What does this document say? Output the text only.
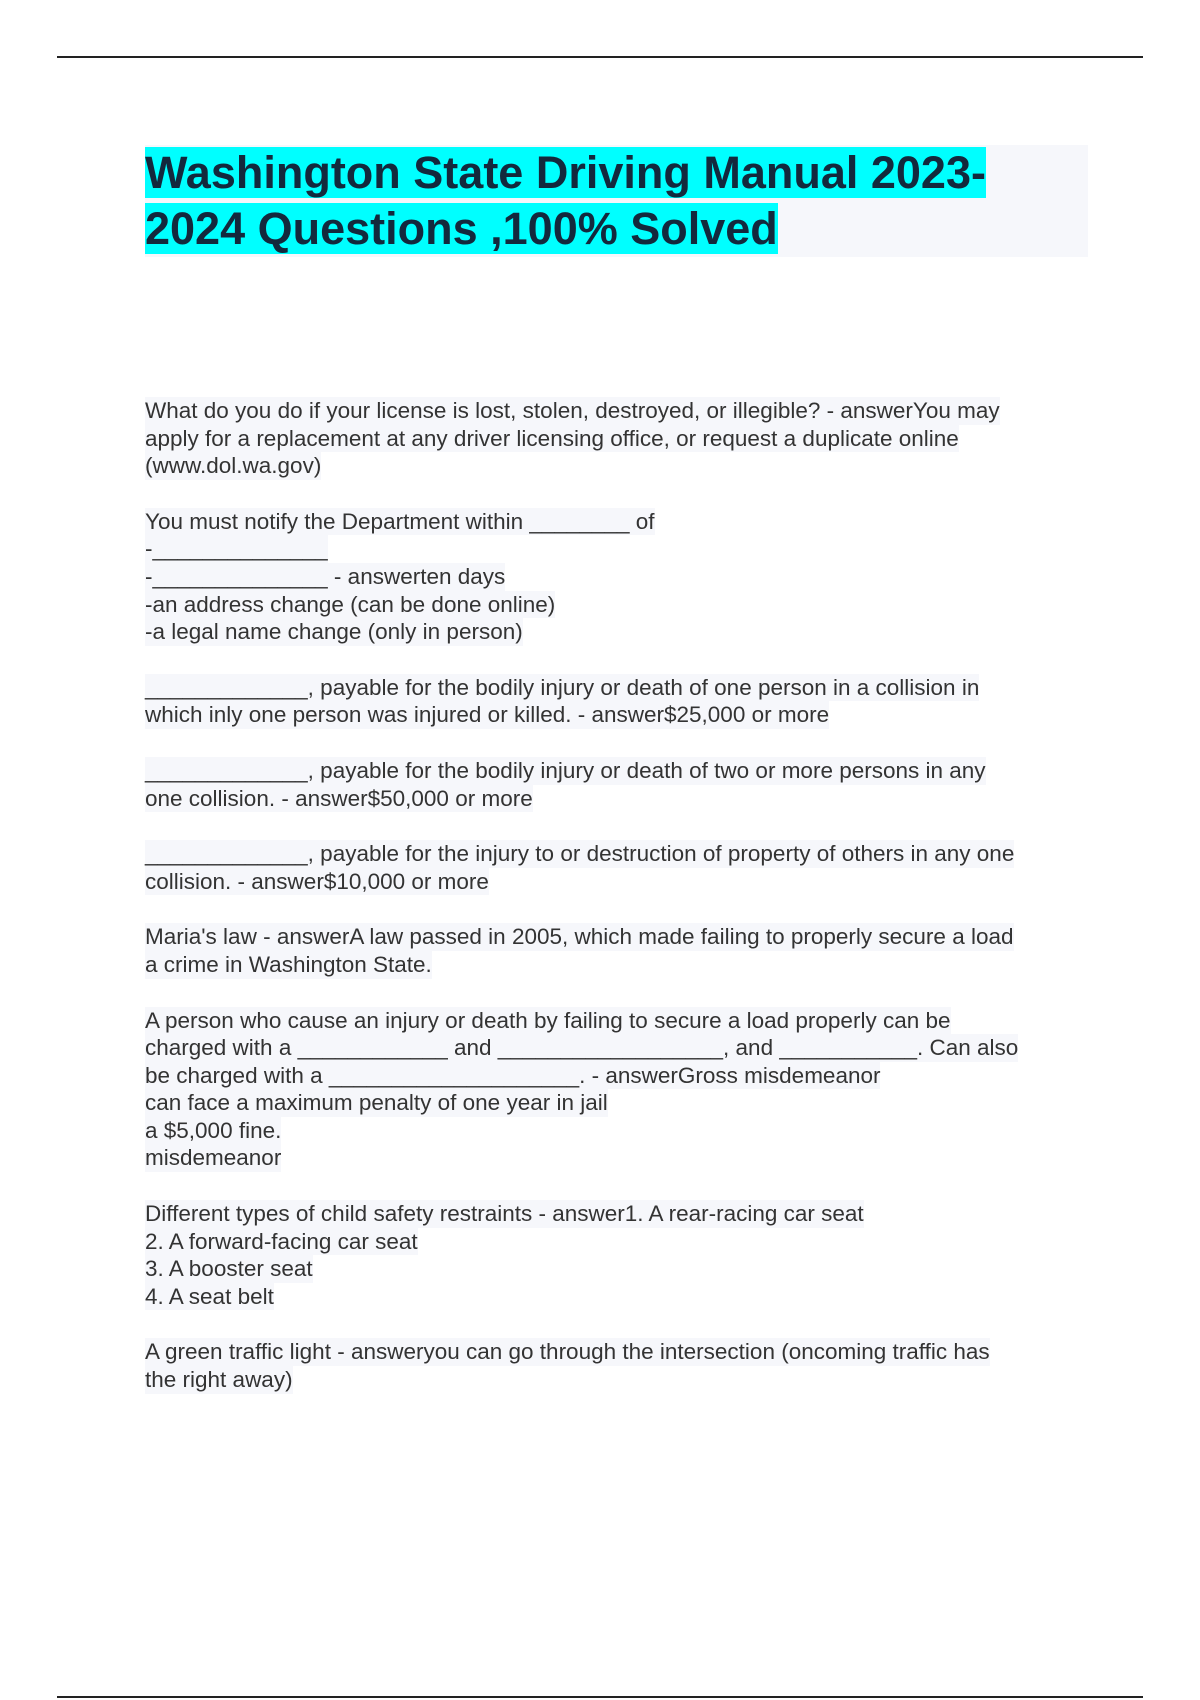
Washington State Driving Manual 2023-
2024 Questions ,100% Solved
What do you do if your license is lost, stolen, destroyed, or illegible? - answerYou may
apply for a replacement at any driver licensing office, or request a duplicate online
(www.dol.wa.gov)
You must notify the Department within ________ of
-______________
-______________ - answerten days
-an address change (can be done online)
-a legal name change (only in person)
_____________, payable for the bodily injury or death of one person in a collision in
which inly one person was injured or killed. - answer$25,000 or more
_____________, payable for the bodily injury or death of two or more persons in any
one collision. - answer$50,000 or more
_____________, payable for the injury to or destruction of property of others in any one
collision. - answer$10,000 or more
Maria's law - answerA law passed in 2005, which made failing to properly secure a load
a crime in Washington State.
A person who cause an injury or death by failing to secure a load properly can be
charged with a ____________ and __________________, and ___________. Can also
be charged with a ____________________. - answerGross misdemeanor
can face a maximum penalty of one year in jail
a $5,000 fine.
misdemeanor
Different types of child safety restraints - answer1. A rear-racing car seat
2. A forward-facing car seat
3. A booster seat
4. A seat belt
A green traffic light - answeryou can go through the intersection (oncoming traffic has
the right away)
